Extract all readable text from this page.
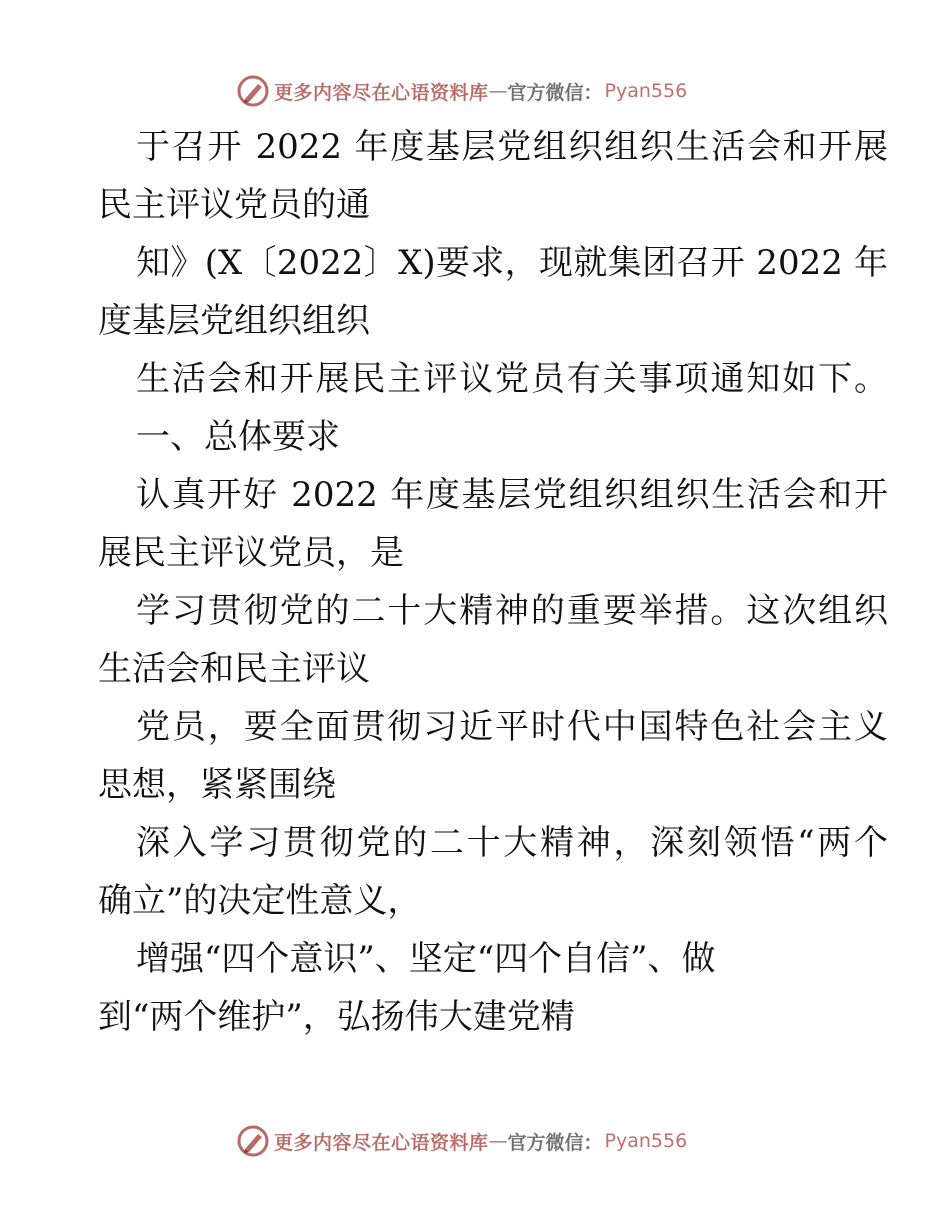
更多内容尽在心语资料库 — 官方微信： Pyan556
于召开 2022 年度基层党组织组织生活会和开展
民主评议党员的通
知》(X〔2022〕X)要求，现就集团召开 2022 年
度基层党组织组织
生活会和开展民主评议党员有关事项通知如下。
一、总体要求
认真开好 2022 年度基层党组织组织生活会和开
展民主评议党员，是
学习贯彻党的二十大精神的重要举措。这次组织
生活会和民主评议
党员，要全面贯彻习近平时代中国特色社会主义
思想，紧紧围绕
深入学习贯彻党的二十大精神，深刻领悟“两个
确立”的决定性意义，
增强“四个意识”、坚定“四个自信”、做
到“两个维护”，弘扬伟大建党精
更多内容尽在心语资料库 — 官方微信： Pyan556
